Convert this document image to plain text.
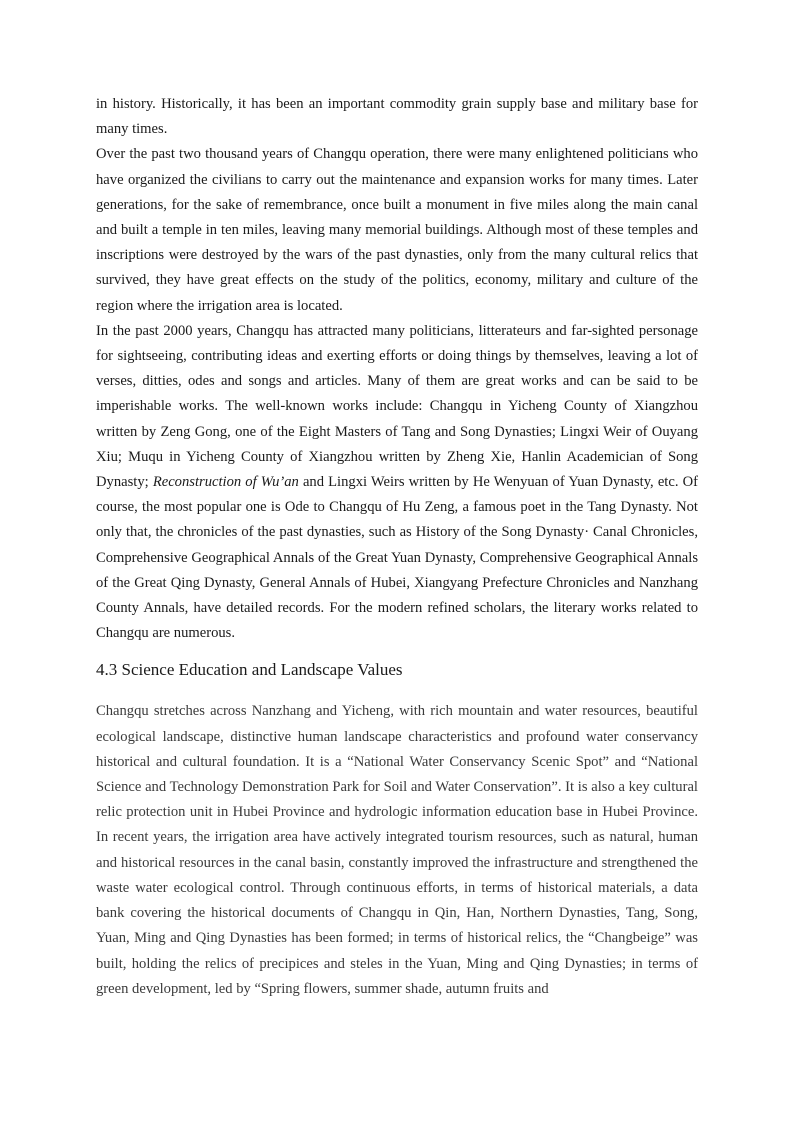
in history. Historically, it has been an important commodity grain supply base and military base for many times.

Over the past two thousand years of Changqu operation, there were many enlightened politicians who have organized the civilians to carry out the maintenance and expansion works for many times. Later generations, for the sake of remembrance, once built a monument in five miles along the main canal and built a temple in ten miles, leaving many memorial buildings. Although most of these temples and inscriptions were destroyed by the wars of the past dynasties, only from the many cultural relics that survived, they have great effects on the study of the politics, economy, military and culture of the region where the irrigation area is located.

In the past 2000 years, Changqu has attracted many politicians, litterateurs and far-sighted personage for sightseeing, contributing ideas and exerting efforts or doing things by themselves, leaving a lot of verses, ditties, odes and songs and articles. Many of them are great works and can be said to be imperishable works. The well-known works include: Changqu in Yicheng County of Xiangzhou written by Zeng Gong, one of the Eight Masters of Tang and Song Dynasties; Lingxi Weir of Ouyang Xiu; Muqu in Yicheng County of Xiangzhou written by Zheng Xie, Hanlin Academician of Song Dynasty; Reconstruction of Wu’an and Lingxi Weirs written by He Wenyuan of Yuan Dynasty, etc. Of course, the most popular one is Ode to Changqu of Hu Zeng, a famous poet in the Tang Dynasty. Not only that, the chronicles of the past dynasties, such as History of the Song Dynasty· Canal Chronicles, Comprehensive Geographical Annals of the Great Yuan Dynasty, Comprehensive Geographical Annals of the Great Qing Dynasty, General Annals of Hubei, Xiangyang Prefecture Chronicles and Nanzhang County Annals, have detailed records. For the modern refined scholars, the literary works related to Changqu are numerous.

4.3 Science Education and Landscape Values

Changqu stretches across Nanzhang and Yicheng, with rich mountain and water resources, beautiful ecological landscape, distinctive human landscape characteristics and profound water conservancy historical and cultural foundation. It is a “National Water Conservancy Scenic Spot” and “National Science and Technology Demonstration Park for Soil and Water Conservation”. It is also a key cultural relic protection unit in Hubei Province and hydrologic information education base in Hubei Province. In recent years, the irrigation area have actively integrated tourism resources, such as natural, human and historical resources in the canal basin, constantly improved the infrastructure and strengthened the waste water ecological control. Through continuous efforts, in terms of historical materials, a data bank covering the historical documents of Changqu in Qin, Han, Northern Dynasties, Tang, Song, Yuan, Ming and Qing Dynasties has been formed; in terms of historical relics, the “Changbeige” was built, holding the relics of precipices and steles in the Yuan, Ming and Qing Dynasties; in terms of green development, led by “Spring flowers, summer shade, autumn fruits and
